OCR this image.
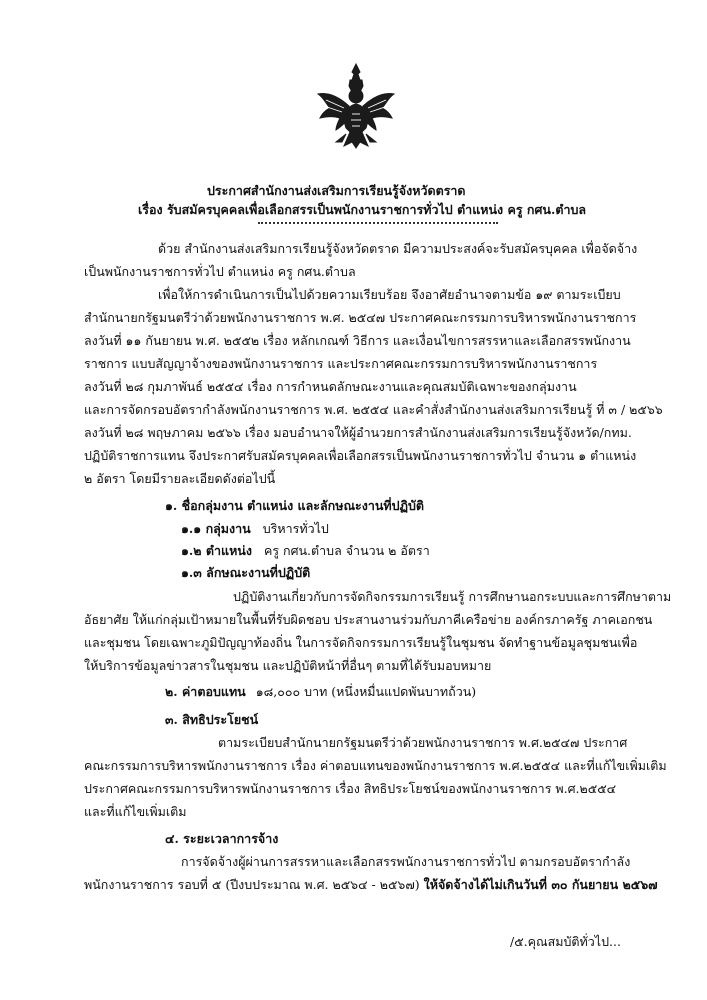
ประกาศสำนักงานส่งเสริมการเรียนรู้จังหวัดตราด
เรื่อง รับสมัครบุคคลเพื่อเลือกสรรเป็นพนักงานราชการทั่วไป ตำแหน่ง ครู กศน.ตำบล
ด้วย สำนักงานส่งเสริมการเรียนรู้จังหวัดตราด มีความประสงค์จะรับสมัครบุคคล เพื่อจัดจ้าง
เป็นพนักงานราชการทั่วไป ตำแหน่ง ครู กศน.ตำบล
เพื่อให้การดำเนินการเป็นไปด้วยความเรียบร้อย จึงอาศัยอำนาจตามข้อ ๑๙ ตามระเบียบ
สำนักนายกรัฐมนตรีว่าด้วยพนักงานราชการ พ.ศ. ๒๕๔๗ ประกาศคณะกรรมการบริหารพนักงานราชการ
ลงวันที่ ๑๑ กันยายน พ.ศ. ๒๕๕๒ เรื่อง หลักเกณฑ์ วิธีการ และเงื่อนไขการสรรหาและเลือกสรรพนักงาน
ราชการ แบบสัญญาจ้างของพนักงานราชการ และประกาศคณะกรรมการบริหารพนักงานราชการ
ลงวันที่ ๒๘ กุมภาพันธ์ ๒๕๕๔ เรื่อง การกำหนดลักษณะงานและคุณสมบัติเฉพาะของกลุ่มงาน
และการจัดกรอบอัตรากำลังพนักงานราชการ พ.ศ. ๒๕๕๔ และคำสั่งสำนักงานส่งเสริมการเรียนรู้ ที่ ๓ / ๒๕๖๖
ลงวันที่ ๒๘ พฤษภาคม ๒๕๖๖ เรื่อง มอบอำนาจให้ผู้อำนวยการสำนักงานส่งเสริมการเรียนรู้จังหวัด/กทม.
ปฏิบัติราชการแทน จึงประกาศรับสมัครบุคคลเพื่อเลือกสรรเป็นพนักงานราชการทั่วไป จำนวน ๑ ตำแหน่ง
๒ อัตรา โดยมีรายละเอียดดังต่อไปนี้
๑. ชื่อกลุ่มงาน ตำแหน่ง และลักษณะงานที่ปฏิบัติ
๑.๑ กลุ่มงาน บริหารทั่วไป
๑.๒ ตำแหน่ง ครู กศน.ตำบล จำนวน ๒ อัตรา
๑.๓ ลักษณะงานที่ปฏิบัติ
ปฏิบัติงานเกี่ยวกับการจัดกิจกรรมการเรียนรู้ การศึกษานอกระบบและการศึกษาตาม
อัธยาศัย ให้แก่กลุ่มเป้าหมายในพื้นที่รับผิดชอบ ประสานงานร่วมกับภาคีเครือข่าย องค์กรภาครัฐ ภาคเอกชน
และชุมชน โดยเฉพาะภูมิปัญญาท้องถิ่น ในการจัดกิจกรรมการเรียนรู้ในชุมชน จัดทำฐานข้อมูลชุมชนเพื่อ
ให้บริการข้อมูลข่าวสารในชุมชน และปฏิบัติหน้าที่อื่นๆ ตามที่ได้รับมอบหมาย
๒. ค่าตอบแทน ๑๘,๐๐๐ บาท (หนึ่งหมื่นแปดพันบาทถ้วน)
๓. สิทธิประโยชน์
ตามระเบียบสำนักนายกรัฐมนตรีว่าด้วยพนักงานราชการ พ.ศ.๒๕๔๗ ประกาศ
คณะกรรมการบริหารพนักงานราชการ เรื่อง ค่าตอบแทนของพนักงานราชการ พ.ศ.๒๕๕๔ และที่แก้ไขเพิ่มเติม
ประกาศคณะกรรมการบริหารพนักงานราชการ เรื่อง สิทธิประโยชน์ของพนักงานราชการ พ.ศ.๒๕๕๔
และที่แก้ไขเพิ่มเติม
๔. ระยะเวลาการจ้าง
การจัดจ้างผู้ผ่านการสรรหาและเลือกสรรพนักงานราชการทั่วไป ตามกรอบอัตรากำลัง
พนักงานราชการ รอบที่ ๕ (ปีงบประมาณ พ.ศ. ๒๕๖๔ - ๒๕๖๗) ให้จัดจ้างได้ไม่เกินวันที่ ๓๐ กันยายน ๒๕๖๗
/๕.คุณสมบัติทั่วไป...
